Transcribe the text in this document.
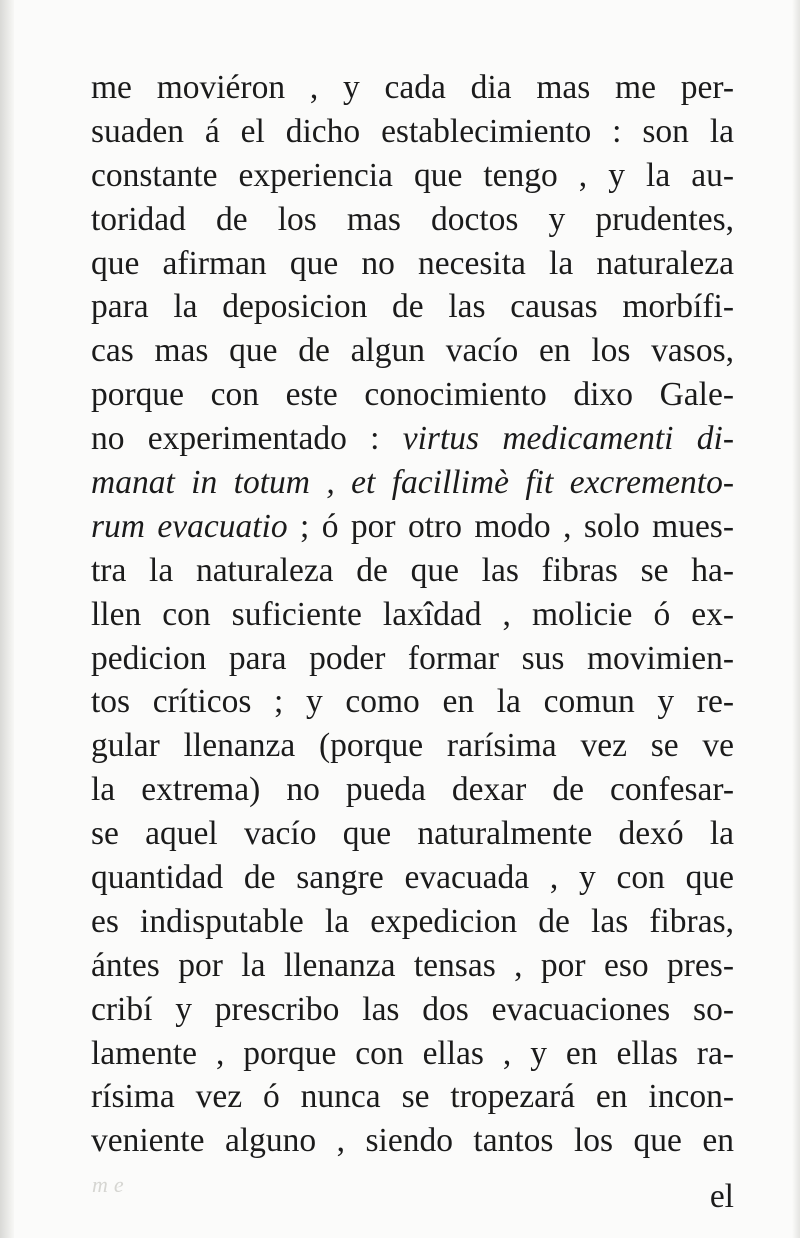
me
me moviéron , y cada dia mas me per-
suaden á el dicho establecimiento : son la
constante experiencia que tengo , y la au-
toridad de los mas doctos y prudentes,
que afirman que no necesita la naturaleza
para la deposicion de las causas morbífi-
cas mas que de algun vacío en los vasos,
porque con este conocimiento dixo Gale-
no experimentado : virtus medicamenti di-
manat in totum , et facillimè fit excremento-
rum evacuatio ; ó por otro modo , solo mues-
tra la naturaleza de que las fibras se ha-
llen con suficiente laxîdad , molicie ó ex-
pedicion para poder formar sus movimien-
tos críticos ; y como en la comun y re-
gular llenanza (porque rarísima vez se ve
la extrema) no pueda dexar de confesar-
se aquel vacío que naturalmente dexó la
quantidad de sangre evacuada , y con que
es indisputable la expedicion de las fibras,
ántes por la llenanza tensas , por eso pres-
cribí y prescribo las dos evacuaciones so-
lamente , porque con ellas , y en ellas ra-
rísima vez ó nunca se tropezará en incon-
veniente alguno , siendo tantos los que en
el
